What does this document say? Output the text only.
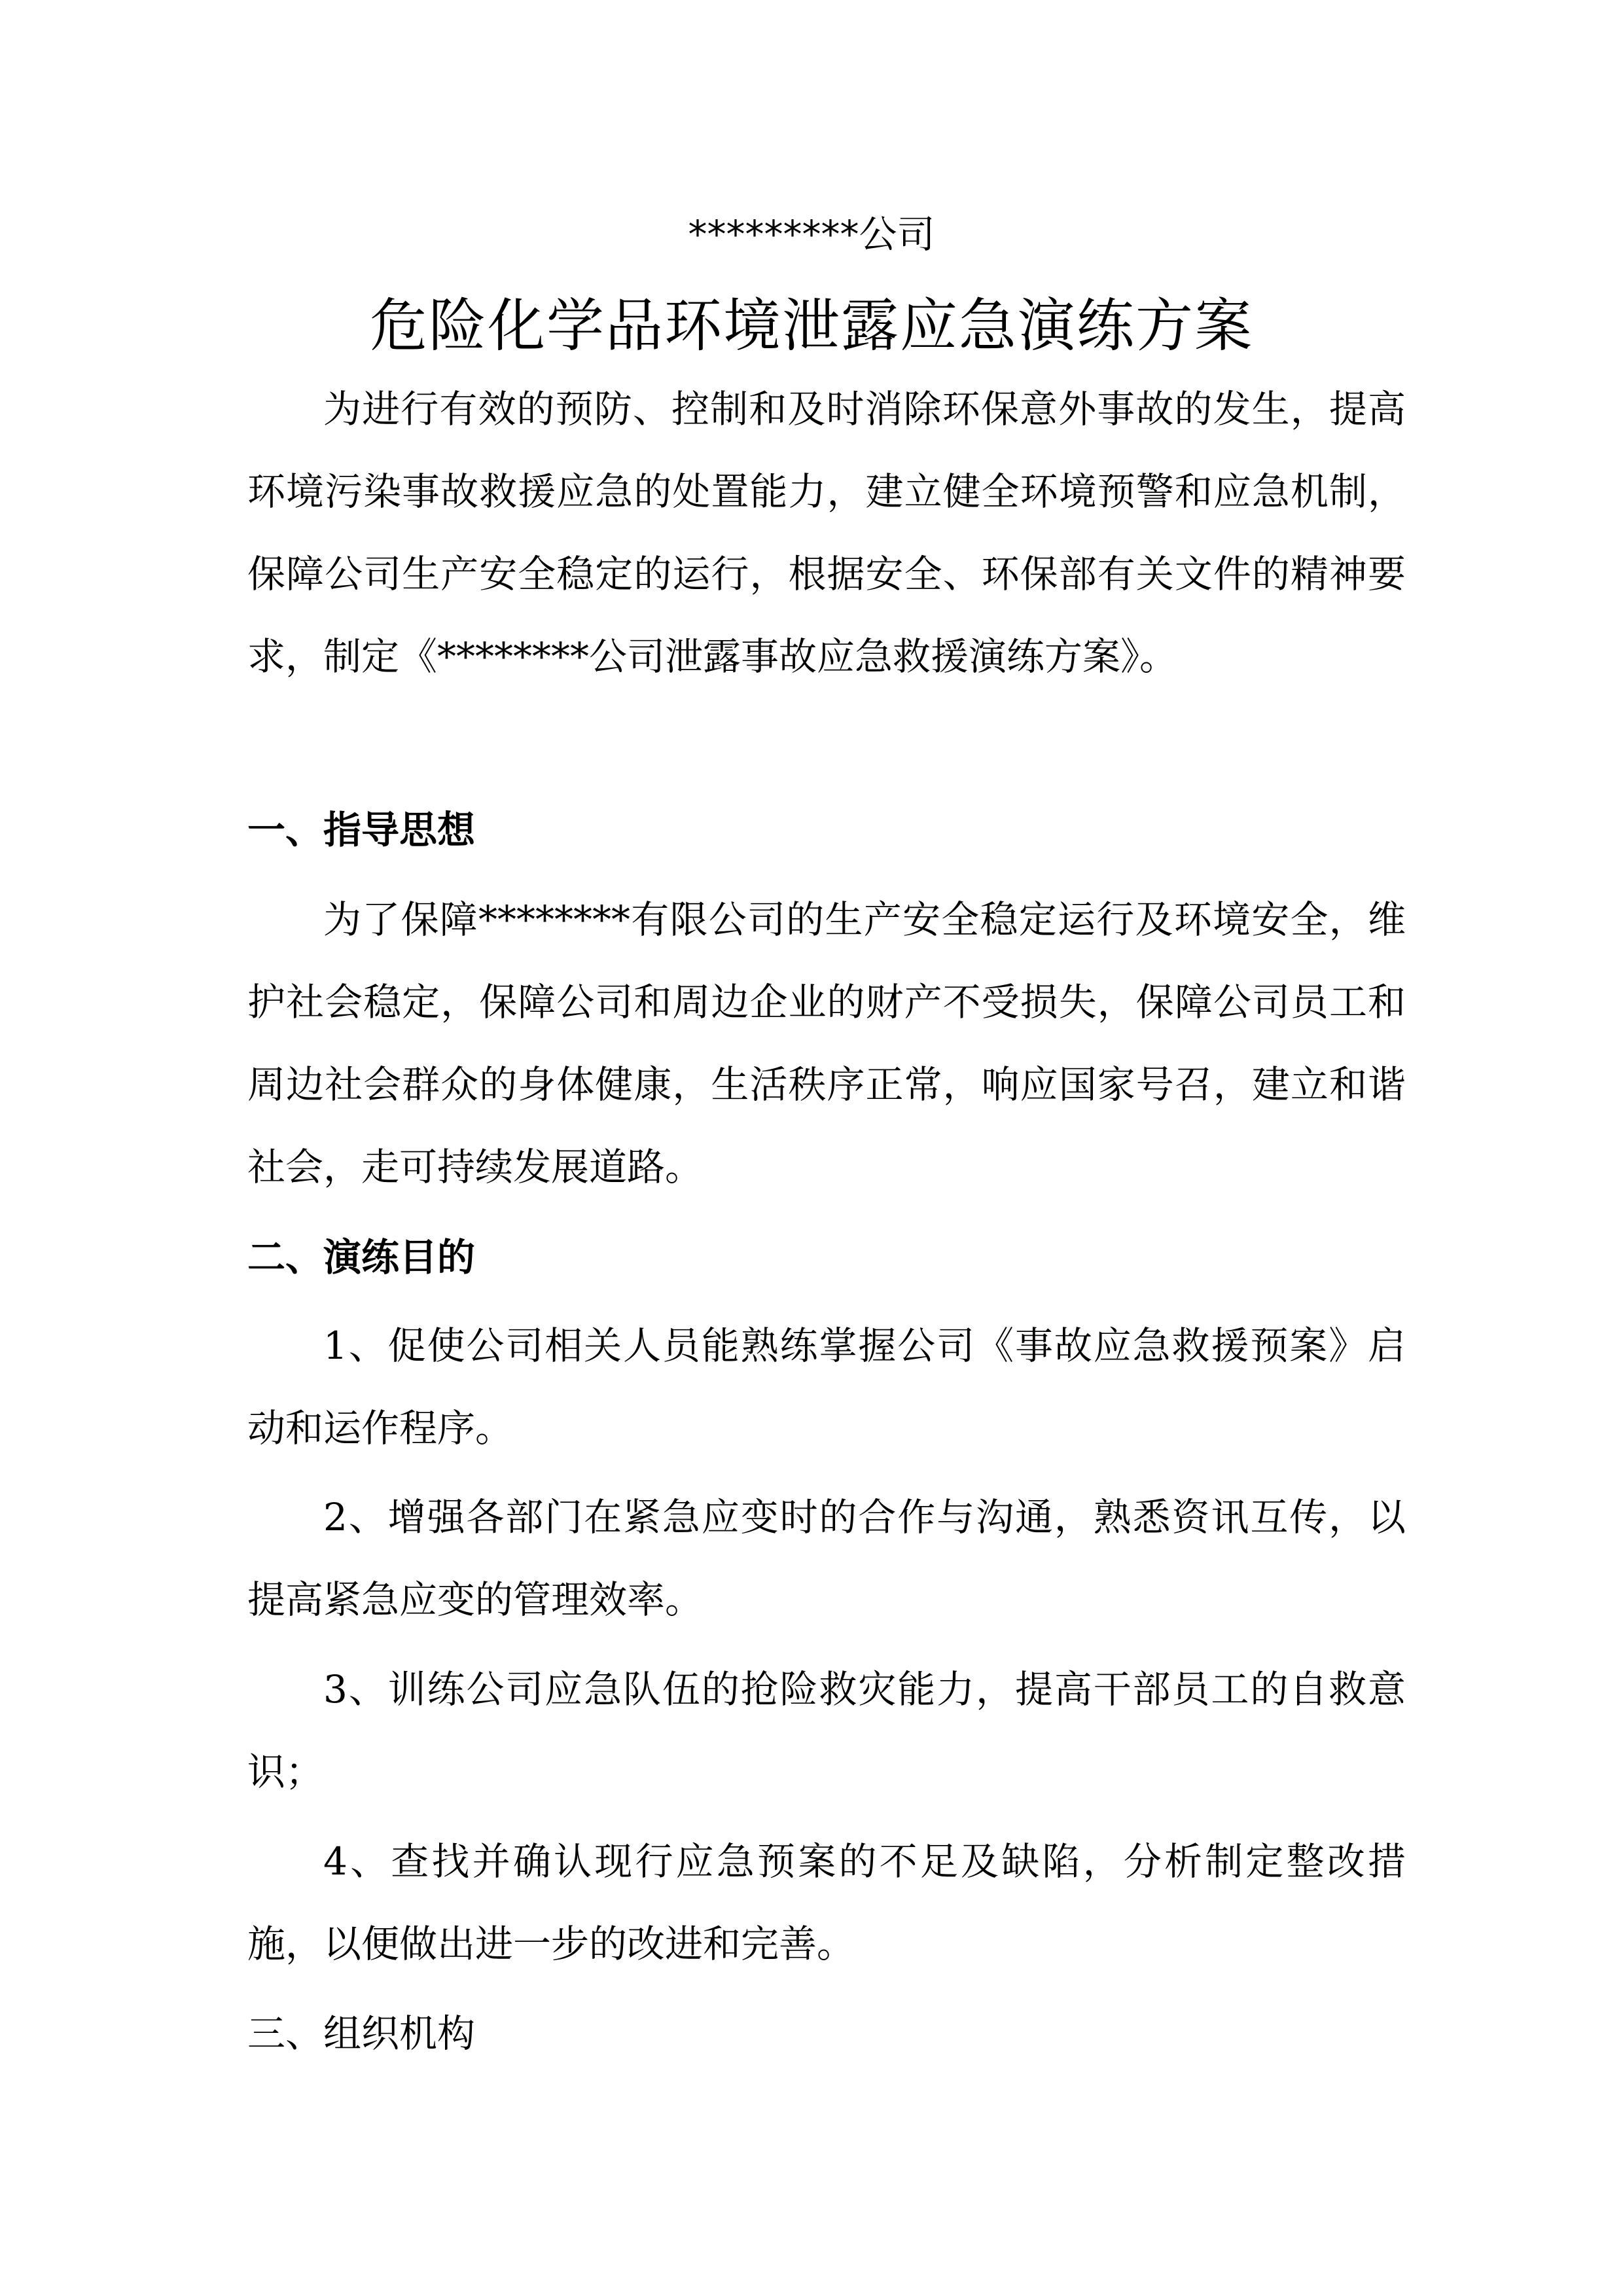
*********公司
危险化学品环境泄露应急演练方案

为进行有效的预防、控制和及时消除环保意外事故的发生，提高环境污染事故救援应急的处置能力，建立健全环境预警和应急机制，保障公司生产安全稳定的运行，根据安全、环保部有关文件的精神要求，制定《********公司泄露事故应急救援演练方案》。

一、指导思想

为了保障********有限公司的生产安全稳定运行及环境安全，维护社会稳定，保障公司和周边企业的财产不受损失，保障公司员工和周边社会群众的身体健康，生活秩序正常，响应国家号召，建立和谐社会，走可持续发展道路。

二、演练目的

1、促使公司相关人员能熟练掌握公司《事故应急救援预案》启动和运作程序。

2、增强各部门在紧急应变时的合作与沟通，熟悉资讯互传，以提高紧急应变的管理效率。

3、训练公司应急队伍的抢险救灾能力，提高干部员工的自救意识；

4、查找并确认现行应急预案的不足及缺陷，分析制定整改措施，以便做出进一步的改进和完善。

三、组织机构
